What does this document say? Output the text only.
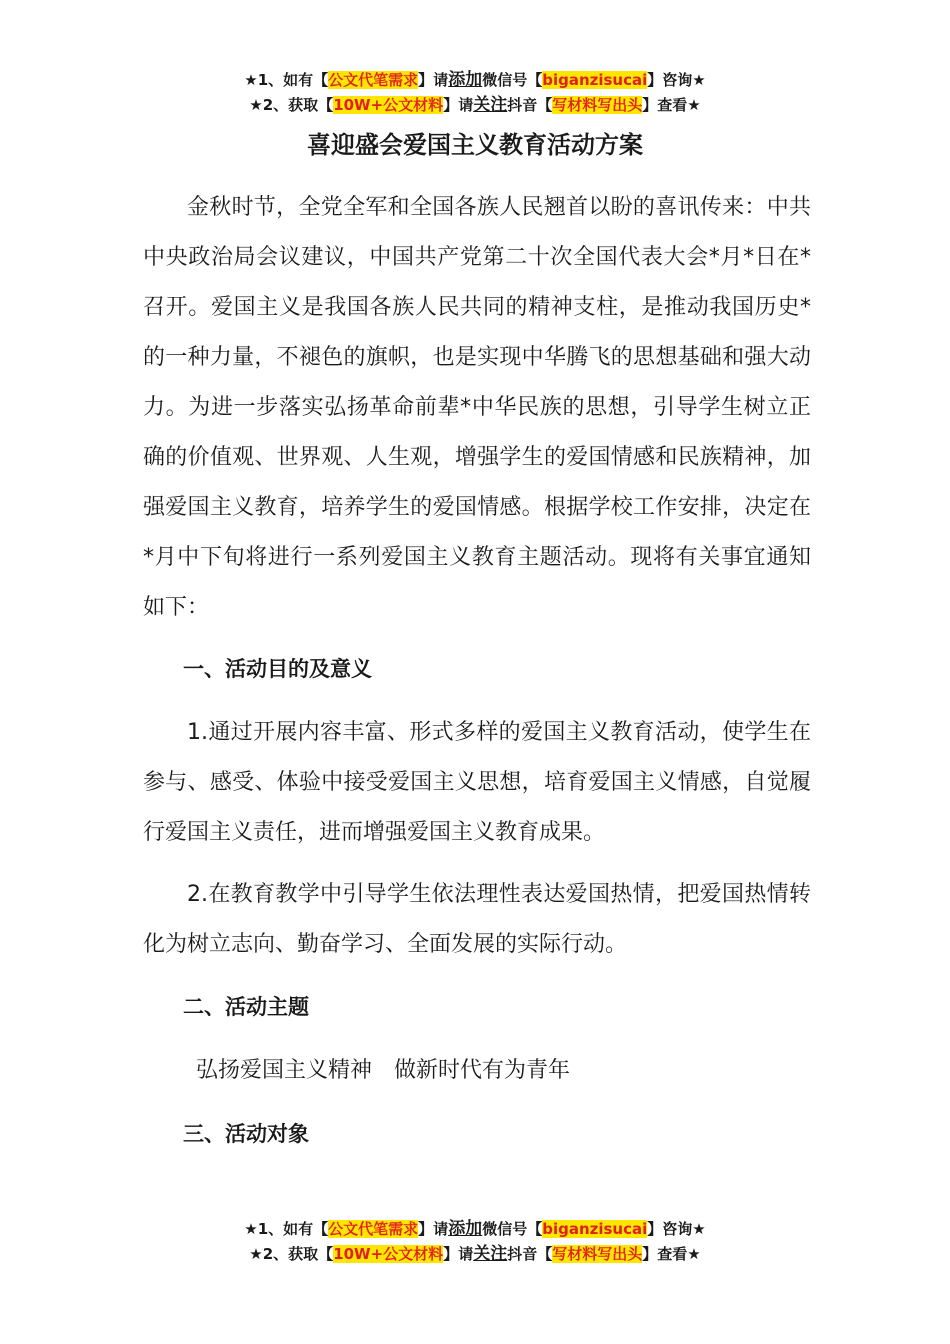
★1、如有【公文代笔需求】请添加微信号【biganzisucai】咨询★
★2、获取【10W+公文材料】请关注抖音【写材料写出头】查看★
喜迎盛会爱国主义教育活动方案

金秋时节，全党全军和全国各族人民翘首以盼的喜讯传来：中共中央政治局会议建议，中国共产党第二十次全国代表大会*月*日在*召开。爱国主义是我国各族人民共同的精神支柱，是推动我国历史*的一种力量，不褪色的旗帜，也是实现中华腾飞的思想基础和强大动力。为进一步落实弘扬革命前辈*中华民族的思想，引导学生树立正确的价值观、世界观、人生观，增强学生的爱国情感和民族精神，加强爱国主义教育，培养学生的爱国情感。根据学校工作安排，决定在*月中下旬将进行一系列爱国主义教育主题活动。现将有关事宜通知如下：

一、活动目的及意义

1.通过开展内容丰富、形式多样的爱国主义教育活动，使学生在参与、感受、体验中接受爱国主义思想，培育爱国主义情感，自觉履行爱国主义责任，进而增强爱国主义教育成果。

2.在教育教学中引导学生依法理性表达爱国热情，把爱国热情转化为树立志向、勤奋学习、全面发展的实际行动。

二、活动主题
弘扬爱国主义精神　做新时代有为青年
三、活动对象
★1、如有【公文代笔需求】请添加微信号【biganzisucai】咨询★
★2、获取【10W+公文材料】请关注抖音【写材料写出头】查看★
